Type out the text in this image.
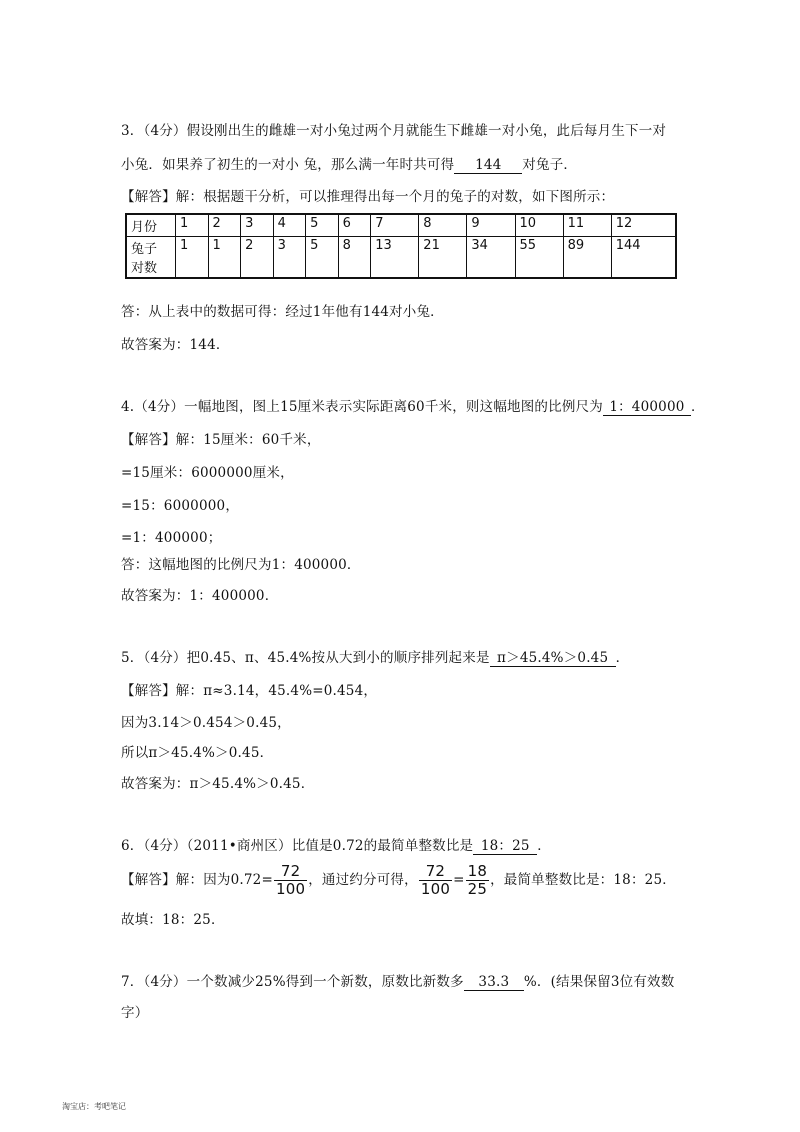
3．（4分）假设刚出生的雌雄一对小兔过两个月就能生下雌雄一对小兔，此后每月生下一对
小兔．如果养了初生的一对小 兔，那么满一年时共可得 144 对兔子．
【解答】解：根据题干分析，可以推理得出每一个月的兔子的对数，如下图所示：
月份	1	2	3	4	5	6	7	8	9	10	11	12

兔子
对数	1	1	2	3	5	8	13	21	34	55	89	144
答：从上表中的数据可得：经过1年他有144对小兔．
故答案为：144．
4.（4分）一幅地图，图上15厘米表示实际距离60千米，则这幅地图的比例尺为 1：400000 ．
【解答】解：15厘米：60千米，
=15厘米：6000000厘米，
=15：6000000，
=1：400000；
答：这幅地图的比例尺为1：400000．
故答案为：1：400000．
5．（4分）把0.45、π、45.4%按从大到小的顺序排列起来是 π＞45.4%＞0.45 ．
【解答】解：π≈3.14，45.4%=0.454，
因为3.14＞0.454＞0.45，
所以π＞45.4%＞0.45．
故答案为：π＞45.4%＞0.45．
6．（4分）（2011•商州区）比值是0.72的最简单整数比是 18：25 ．
【解答】解：因为$0.72= \frac{72}{100}$ ，通过约分可得， $\frac{72}{100} = \frac{18}{25}$ ，最简单整数比是：18：25．
故填：18：25．
7．（4分）一个数减少25%得到一个新数，原数比新数多 33.3 %．(结果保留3位有效数
字）
淘宝店：考吧笔记
